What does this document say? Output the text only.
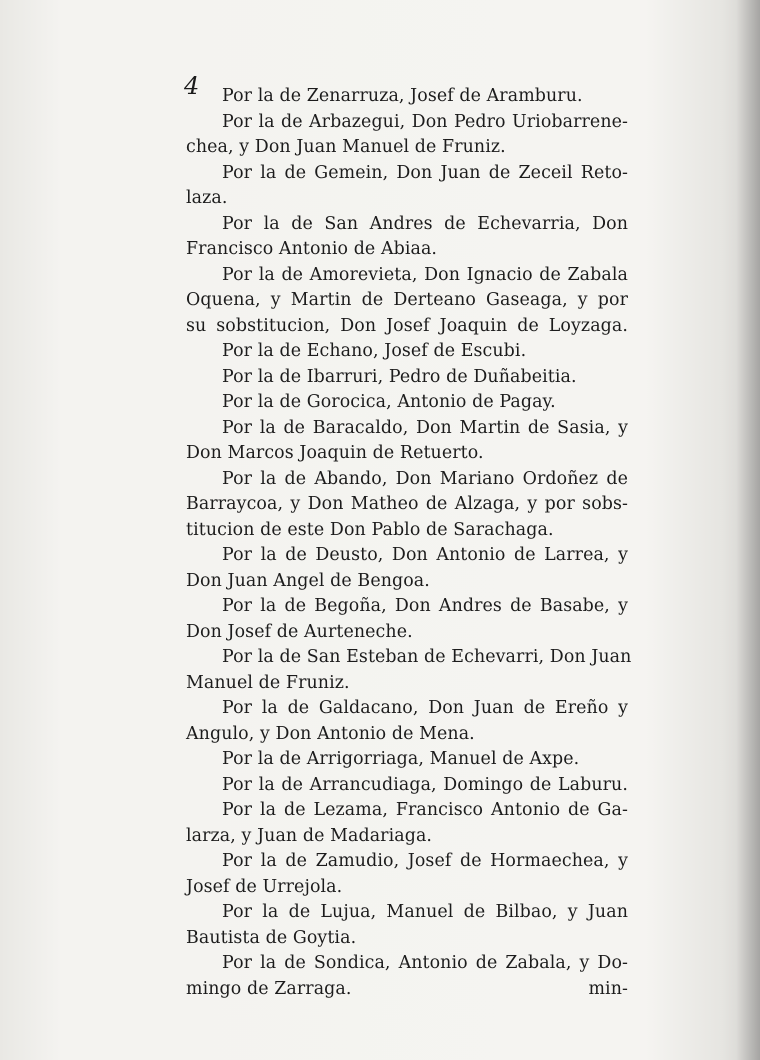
4	Por la de Zenarruza, Josef de Aramburu.
Por la de Arbazegui, Don Pedro Uriobarrene-
chea, y Don Juan Manuel de Fruniz.
Por la de Gemein, Don Juan de Zeceil Reto-
laza.
Por la de San Andres de Echevarria, Don
Francisco Antonio de Abiaa.
Por la de Amorevieta, Don Ignacio de Zabala
Oquena, y Martin de Derteano Gaseaga, y por
su sobstitucion, Don Josef Joaquin de Loyzaga.
Por la de Echano, Josef de Escubi.
Por la de Ibarruri, Pedro de Duñabeitia.
Por la de Gorocica, Antonio de Pagay.
Por la de Baracaldo, Don Martin de Sasia, y
Don Marcos Joaquin de Retuerto.
Por la de Abando, Don Mariano Ordoñez de
Barraycoa, y Don Matheo de Alzaga, y por sobs-
titucion de este Don Pablo de Sarachaga.
Por la de Deusto, Don Antonio de Larrea, y
Don Juan Angel de Bengoa.
Por la de Begoña, Don Andres de Basabe, y
Don Josef de Aurteneche.
Por la de San Esteban de Echevarri, Don Juan
Manuel de Fruniz.
Por la de Galdacano, Don Juan de Ereño y
Angulo, y Don Antonio de Mena.
Por la de Arrigorriaga, Manuel de Axpe.
Por la de Arrancudiaga, Domingo de Laburu.
Por la de Lezama, Francisco Antonio de Ga-
larza, y Juan de Madariaga.
Por la de Zamudio, Josef de Hormaechea, y
Josef de Urrejola.
Por la de Lujua, Manuel de Bilbao, y Juan
Bautista de Goytia.
Por la de Sondica, Antonio de Zabala, y Do-
mingo de Zarraga.	min-
